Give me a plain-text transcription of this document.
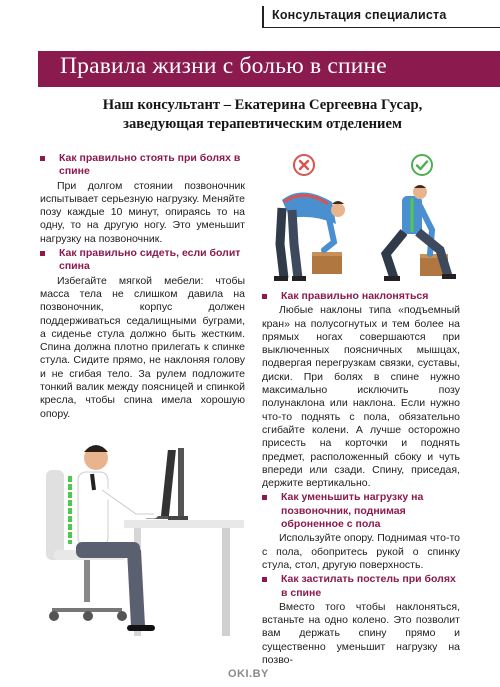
Консультация специалиста
Правила жизни с болью в спине
Наш консультант – Екатерина Сергеевна Гусар,
заведующая терапевтическим отделением
Как правильно стоять при болях в спине
При долгом стоянии позвоночник испытывает серьезную нагрузку. Меняйте позу каждые 10 минут, опираясь то на одну, то на другую ногу. Это уменьшит нагрузку на позвоночник.
Как правильно сидеть, если болит спина
Избегайте мягкой мебели: чтобы масса тела не слишком давила на позвоночник, корпус должен поддерживаться седалищными буграми, а сиденье стула должно быть жестким. Спина должна плотно прилегать к спинке стула. Сидите прямо, не наклоняя голову и не сгибая тело. За рулем подложите тонкий валик между поясницей и спинкой кресла, чтобы спина имела хорошую опору.
Как правильно наклоняться
Любые наклоны типа «подъемный кран» на полусогнутых и тем более на прямых ногах совершаются при выключенных поясничных мышцах, подвергая перегрузкам связки, суставы, диски. При болях в спине нужно максимально исключить позу полунаклона или наклона. Если нужно что-то поднять с пола, обязательно сгибайте колени. А лучше осторожно присесть на корточки и поднять предмет, расположенный сбоку и чуть впереди или сзади. Спину, приседая, держите вертикально.
Как уменьшить нагрузку на позвоночник, поднимая оброненное с пола
Используйте опору. Поднимая что-то с пола, обопритесь рукой о спинку стула, стол, другую поверхность.
Как застилать постель при болях в спине
Вместо того чтобы наклоняться, встаньте на одно колено. Это позволит вам держать спину прямо и существенно уменьшит нагрузку на позво-
OKI.BY
